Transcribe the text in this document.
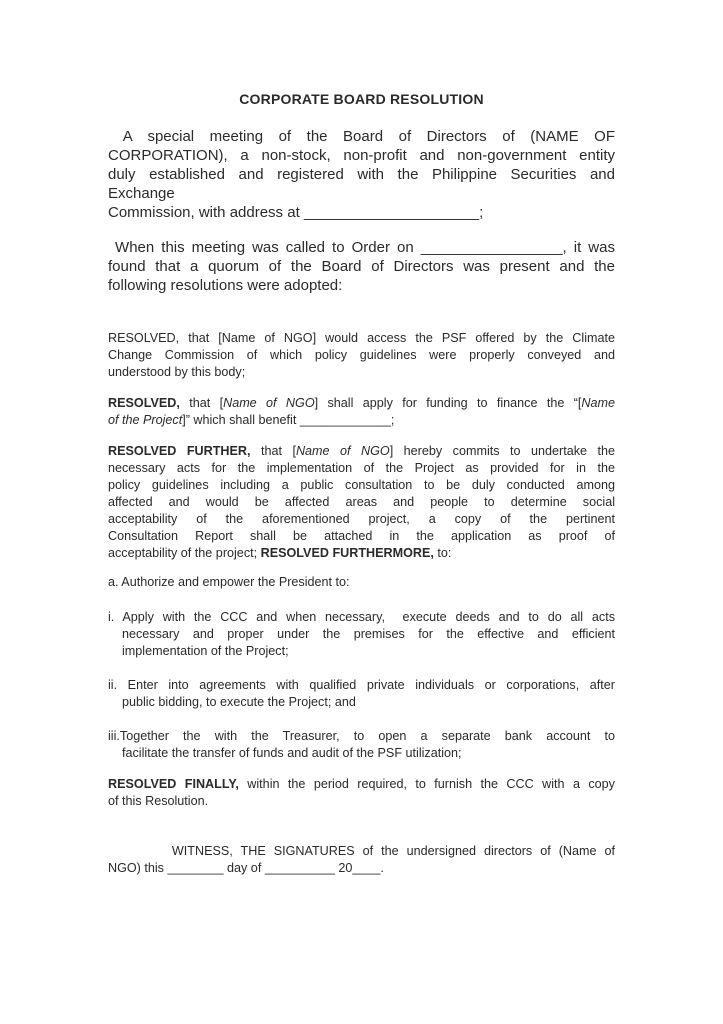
CORPORATE BOARD RESOLUTION
A special meeting of the Board of Directors of (NAME OF
CORPORATION), a non-stock, non-profit and non-government entity
duly established and registered with the Philippine Securities and
Exchange
Commission, with address at _____________________;
When this meeting was called to Order on _________________, it was
found that a quorum of the Board of Directors was present and the
following resolutions were adopted:
RESOLVED, that [Name of NGO] would access the PSF offered by the Climate
Change Commission of which policy guidelines were properly conveyed and
understood by this body;
RESOLVED, that [Name of NGO] shall apply for funding to finance the “[Name
of the Project]” which shall benefit _____________;
RESOLVED FURTHER, that [Name of NGO] hereby commits to undertake the
necessary acts for the implementation of the Project as provided for in the
policy guidelines including a public consultation to be duly conducted among
affected and would be affected areas and people to determine social
acceptability of the aforementioned project, a copy of the pertinent
Consultation Report shall be attached in the application as proof of
acceptability of the project; RESOLVED FURTHERMORE, to:
a. Authorize and empower the President to:
i. Apply with the CCC and when necessary,  execute deeds and to do all acts
necessary and proper under the premises for the effective and efficient
implementation of the Project;
ii. Enter into agreements with qualified private individuals or corporations, after
public bidding, to execute the Project; and
iii.Together the with the Treasurer, to open a separate bank account to
facilitate the transfer of funds and audit of the PSF utilization;
RESOLVED FINALLY, within the period required, to furnish the CCC with a copy
of this Resolution.
WITNESS, THE SIGNATURES of the undersigned directors of (Name of
NGO) this ________ day of __________ 20____.
